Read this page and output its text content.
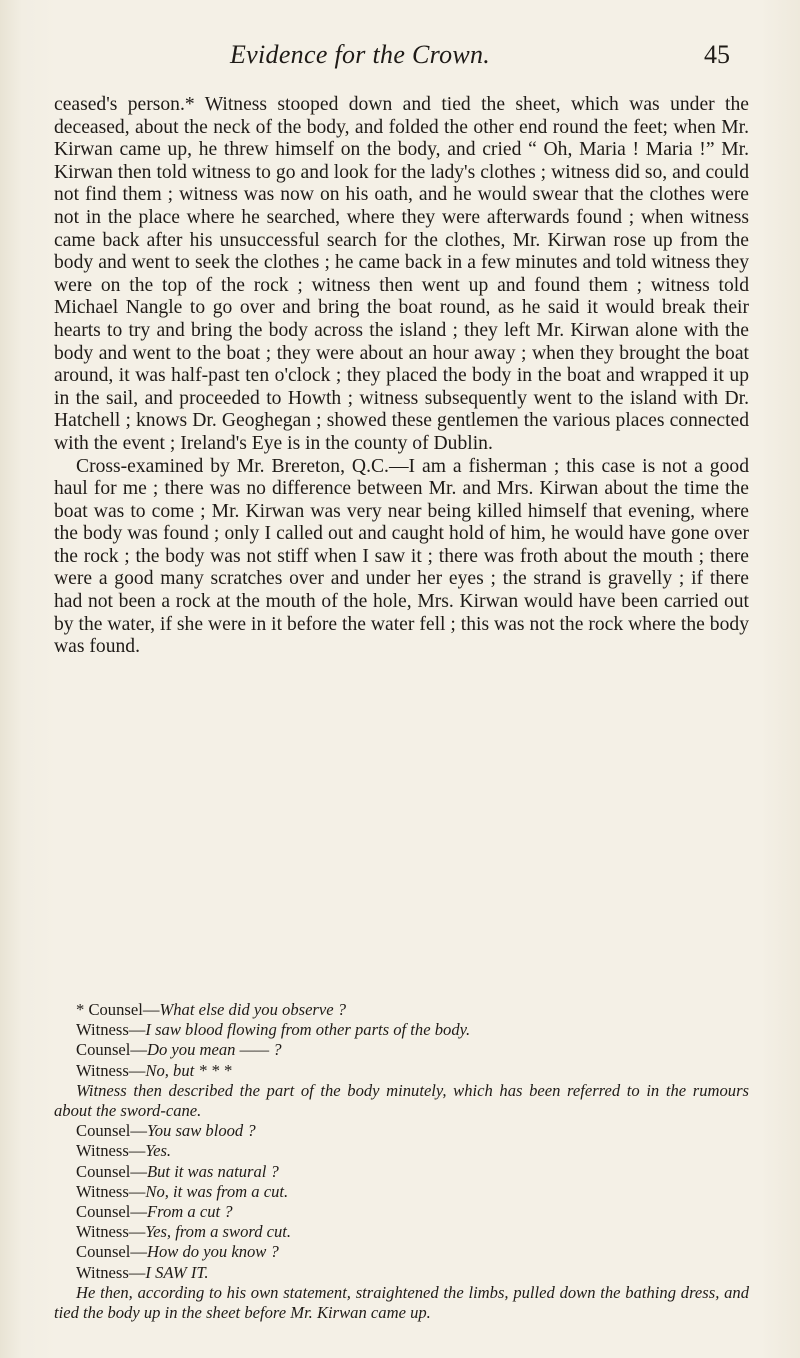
Evidence for the Crown.	45

ceased's person.* Witness stooped down and tied the sheet, which was under the deceased, about the neck of the body, and folded the other end round the feet; when Mr. Kirwan came up, he threw himself on the body, and cried “ Oh, Maria ! Maria !” Mr. Kirwan then told witness to go and look for the lady's clothes ; witness did so, and could not find them ; witness was now on his oath, and he would swear that the clothes were not in the place where he searched, where they were afterwards found ; when witness came back after his unsuccessful search for the clothes, Mr. Kirwan rose up from the body and went to seek the clothes ; he came back in a few minutes and told witness they were on the top of the rock ; witness then went up and found them ; witness told Michael Nangle to go over and bring the boat round, as he said it would break their hearts to try and bring the body across the island ; they left Mr. Kirwan alone with the body and went to the boat ; they were about an hour away ; when they brought the boat around, it was half-past ten o'clock ; they placed the body in the boat and wrapped it up in the sail, and proceeded to Howth ; witness subsequently went to the island with Dr. Hatchell ; knows Dr. Geoghegan ; showed these gentlemen the various places connected with the event ; Ireland's Eye is in the county of Dublin.

Cross-examined by Mr. Brereton, Q.C.—I am a fisherman ; this case is not a good haul for me ; there was no difference between Mr. and Mrs. Kirwan about the time the boat was to come ; Mr. Kirwan was very near being killed himself that evening, where the body was found ; only I called out and caught hold of him, he would have gone over the rock ; the body was not stiff when I saw it ; there was froth about the mouth ; there were a good many scratches over and under her eyes ; the strand is gravelly ; if there had not been a rock at the mouth of the hole, Mrs. Kirwan would have been carried out by the water, if she were in it before the water fell ; this was not the rock where the body was found.

* Counsel—What else did you observe ?
Witness—I saw blood flowing from other parts of the body.
Counsel—Do you mean —— ?
Witness—No, but * * *
Witness then described the part of the body minutely, which has been referred to in the rumours about the sword-cane.
Counsel—You saw blood ?
Witness—Yes.
Counsel—But it was natural ?
Witness—No, it was from a cut.
Counsel—From a cut ?
Witness—Yes, from a sword cut.
Counsel—How do you know ?
Witness—I SAW IT.
He then, according to his own statement, straightened the limbs, pulled down the bathing dress, and tied the body up in the sheet before Mr. Kirwan came up.
